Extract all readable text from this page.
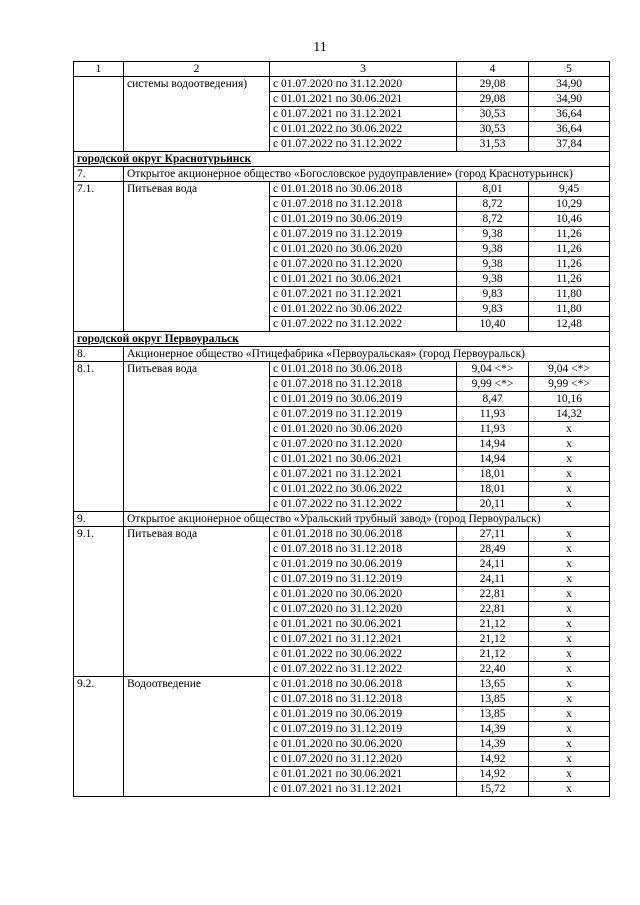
11
1	2	3	4	5
	системы водоотведения)	с 01.07.2020 по 31.12.2020	29,08	34,90
		с 01.01.2021 по 30.06.2021	29,08	34,90
		с 01.07.2021 по 31.12.2021	30,53	36,64
		с 01.01.2022 по 30.06.2022	30,53	36,64
		с 01.07.2022 по 31.12.2022	31,53	37,84
городской округ Краснотурьинск				
7.	Открытое акционерное общество «Богословское рудоуправление» (город Краснотурьинск)			
7.1.	Питьевая вода	с 01.01.2018 по 30.06.2018	8,01	9,45
		с 01.07.2018 по 31.12.2018	8,72	10,29
		с 01.01.2019 по 30.06.2019	8,72	10,46
		с 01.07.2019 по 31.12.2019	9,38	11,26
		с 01.01.2020 по 30.06.2020	9,38	11,26
		с 01.07.2020 по 31.12.2020	9,38	11,26
		с 01.01.2021 по 30.06.2021	9,38	11,26
		с 01.07.2021 по 31.12.2021	9,83	11,80
		с 01.01.2022 по 30.06.2022	9,83	11,80
		с 01.07.2022 по 31.12.2022	10,40	12,48
городской округ Первоуральск				
8.	Акционерное общество «Птицефабрика «Первоуральская» (город Первоуральск)			
8.1.	Питьевая вода	с 01.01.2018 по 30.06.2018	9,04 <*>	9,04 <*>
		с 01.07.2018 по 31.12.2018	9,99 <*>	9,99 <*>
		с 01.01.2019 по 30.06.2019	8,47	10,16
		с 01.07.2019 по 31.12.2019	11,93	14,32
		с 01.01.2020 по 30.06.2020	11,93	х
		с 01.07.2020 по 31.12.2020	14,94	х
		с 01.01.2021 по 30.06.2021	14,94	х
		с 01.07.2021 по 31.12.2021	18,01	х
		с 01.01.2022 по 30.06.2022	18,01	х
		с 01.07.2022 по 31.12.2022	20,11	х
9.	Открытое акционерное общество «Уральский трубный завод» (город Первоуральск)			
9.1.	Питьевая вода	с 01.01.2018 по 30.06.2018	27,11	х
		с 01.07.2018 по 31.12.2018	28,49	х
		с 01.01.2019 по 30.06.2019	24,11	х
		с 01.07.2019 по 31.12.2019	24,11	х
		с 01.01.2020 по 30.06.2020	22,81	х
		с 01.07.2020 по 31.12.2020	22,81	х
		с 01.01.2021 по 30.06.2021	21,12	х
		с 01.07.2021 по 31.12.2021	21,12	х
		с 01.01.2022 по 30.06.2022	21,12	х
		с 01.07.2022 по 31.12.2022	22,40	х
9.2.	Водоотведение	с 01.01.2018 по 30.06.2018	13,65	х
		с 01.07.2018 по 31.12.2018	13,85	х
		с 01.01.2019 по 30.06.2019	13,85	х
		с 01.07.2019 по 31.12.2019	14,39	х
		с 01.01.2020 по 30.06.2020	14,39	х
		с 01.07.2020 по 31.12.2020	14,92	х
		с 01.01.2021 по 30.06.2021	14,92	х
		с 01.07.2021 по 31.12.2021	15,72	х
